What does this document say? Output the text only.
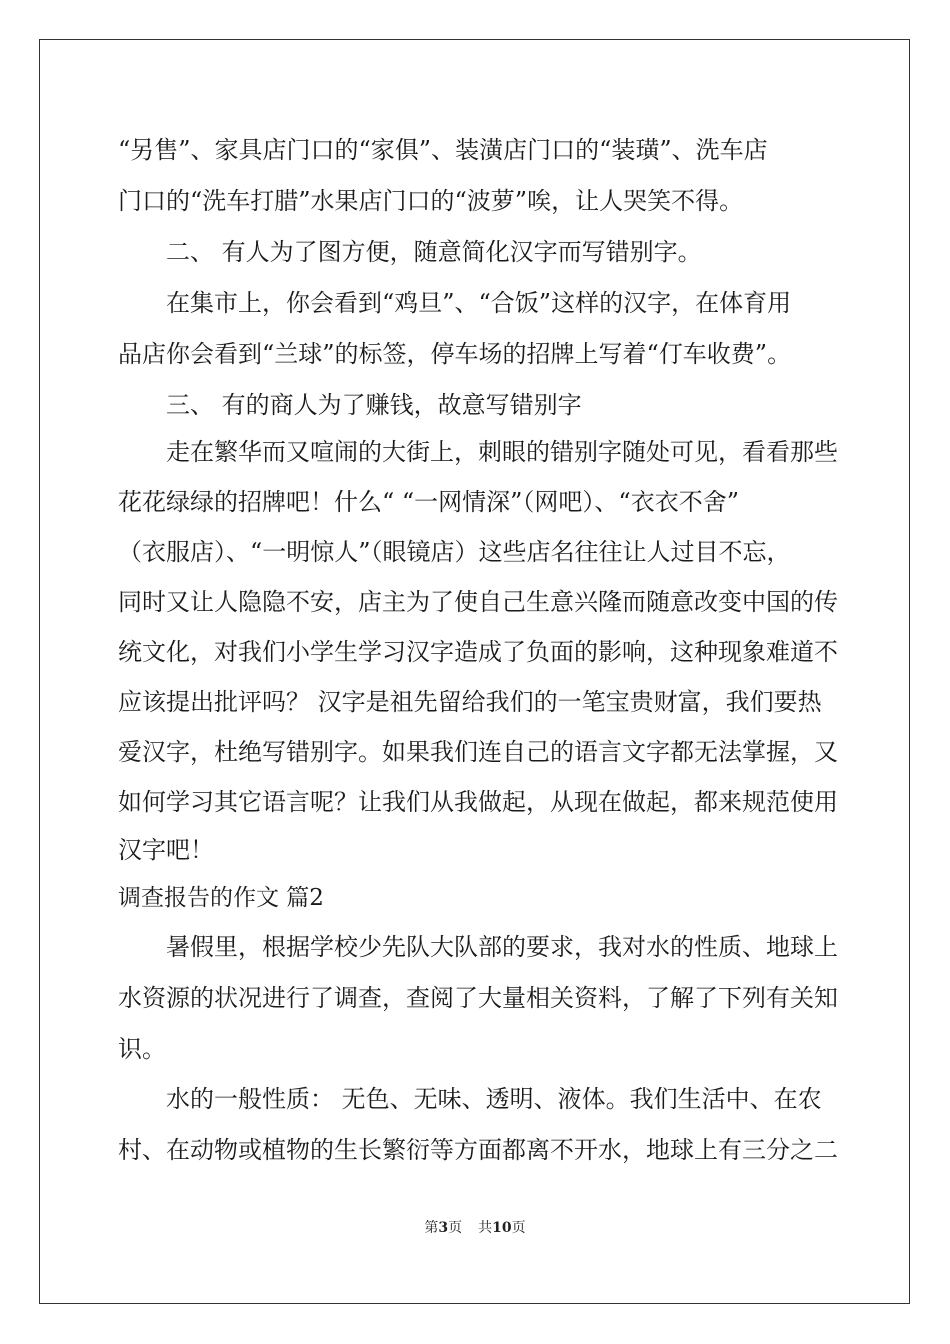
“另售”、家具店门口的“家俱”、装潢店门口的“装璜”、洗车店
门口的“洗车打腊”水果店门口的“波萝”唉，让人哭笑不得。
二、 有人为了图方便，随意简化汉字而写错别字。
在集市上，你会看到“鸡旦”、“合饭”这样的汉字，在体育用
品店你会看到“兰球”的标签，停车场的招牌上写着“仃车收费”。
三、 有的商人为了赚钱，故意写错别字
走在繁华而又喧闹的大街上，刺眼的错别字随处可见，看看那些
花花绿绿的招牌吧！什么“ “一网情深”（网吧）、“衣衣不舍”
（衣服店）、“一明惊人”（眼镜店）这些店名往往让人过目不忘，
同时又让人隐隐不安，店主为了使自己生意兴隆而随意改变中国的传
统文化，对我们小学生学习汉字造成了负面的影响，这种现象难道不
应该提出批评吗？ 汉字是祖先留给我们的一笔宝贵财富，我们要热
爱汉字，杜绝写错别字。如果我们连自己的语言文字都无法掌握，又
如何学习其它语言呢？让我们从我做起，从现在做起，都来规范使用
汉字吧！
调查报告的作文 篇2
暑假里，根据学校少先队大队部的要求，我对水的性质、地球上
水资源的状况进行了调查，查阅了大量相关资料，了解了下列有关知
识。
水的一般性质： 无色、无味、透明、液体。我们生活中、在农
村、在动物或植物的生长繁衍等方面都离不开水，地球上有三分之二
第3页 共10页
